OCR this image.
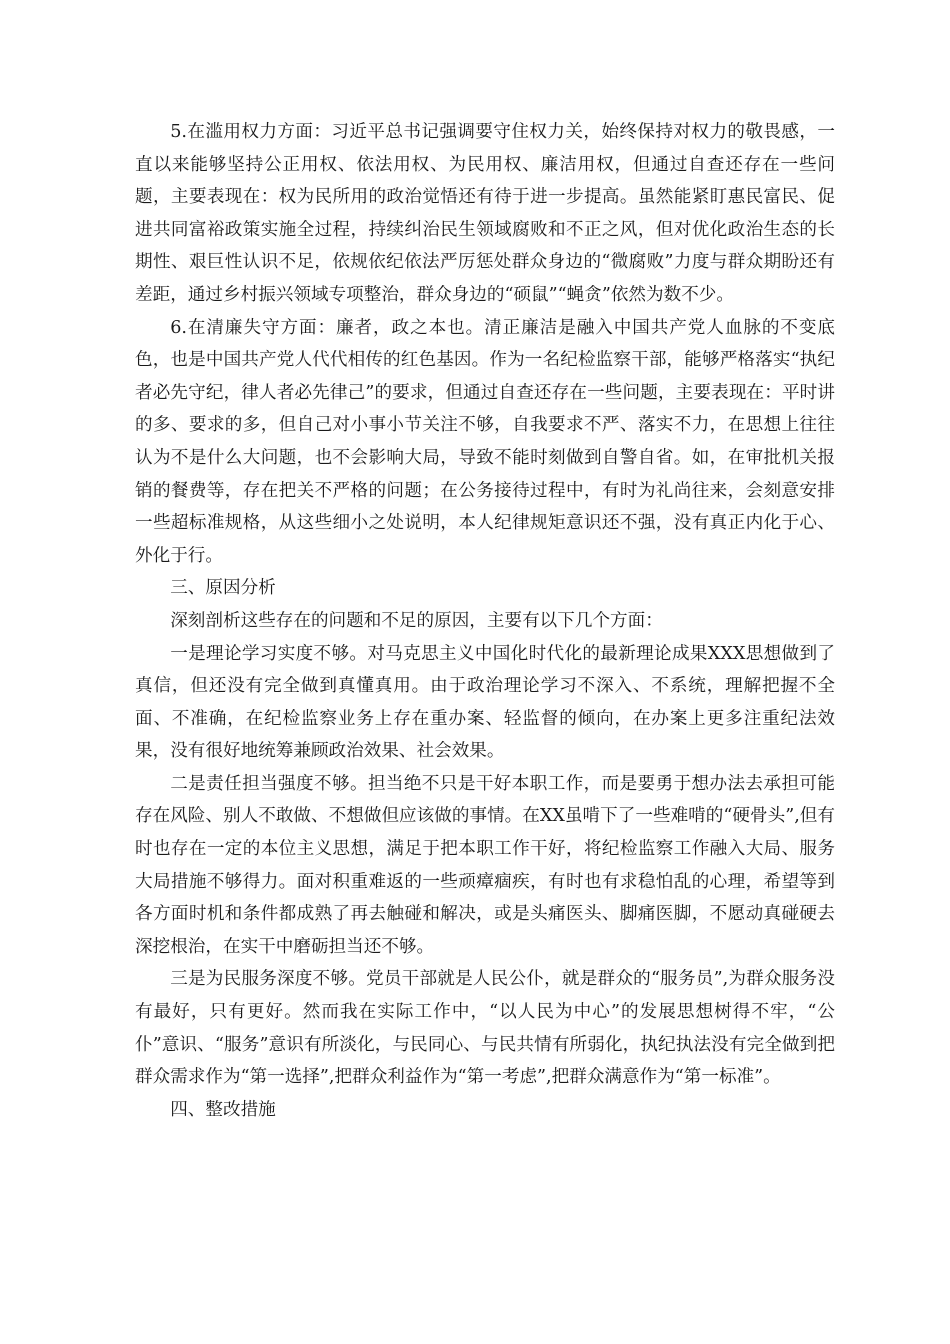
5.在滥用权力方面：习近平总书记强调要守住权力关，始终保持对权力的敬畏感，一直以来能够坚持公正用权、依法用权、为民用权、廉洁用权，但通过自查还存在一些问题，主要表现在：权为民所用的政治觉悟还有待于进一步提高。虽然能紧盯惠民富民、促进共同富裕政策实施全过程，持续纠治民生领域腐败和不正之风，但对优化政治生态的长期性、艰巨性认识不足，依规依纪依法严厉惩处群众身边的“微腐败”力度与群众期盼还有差距，通过乡村振兴领域专项整治，群众身边的“硕鼠”“蝇贪”依然为数不少。

6.在清廉失守方面：廉者，政之本也。清正廉洁是融入中国共产党人血脉的不变底色，也是中国共产党人代代相传的红色基因。作为一名纪检监察干部，能够严格落实“执纪者必先守纪，律人者必先律己”的要求，但通过自查还存在一些问题，主要表现在：平时讲的多、要求的多，但自己对小事小节关注不够，自我要求不严、落实不力，在思想上往往认为不是什么大问题，也不会影响大局，导致不能时刻做到自警自省。如，在审批机关报销的餐费等，存在把关不严格的问题；在公务接待过程中，有时为礼尚往来，会刻意安排一些超标准规格，从这些细小之处说明，本人纪律规矩意识还不强，没有真正内化于心、外化于行。

三、原因分析

深刻剖析这些存在的问题和不足的原因，主要有以下几个方面：

一是理论学习实度不够。对马克思主义中国化时代化的最新理论成果XXX思想做到了真信，但还没有完全做到真懂真用。由于政治理论学习不深入、不系统，理解把握不全面、不准确，在纪检监察业务上存在重办案、轻监督的倾向，在办案上更多注重纪法效果，没有很好地统筹兼顾政治效果、社会效果。

二是责任担当强度不够。担当绝不只是干好本职工作，而是要勇于想办法去承担可能存在风险、别人不敢做、不想做但应该做的事情。在XX虽啃下了一些难啃的“硬骨头”,但有时也存在一定的本位主义思想，满足于把本职工作干好，将纪检监察工作融入大局、服务大局措施不够得力。面对积重难返的一些顽瘴痼疾，有时也有求稳怕乱的心理，希望等到各方面时机和条件都成熟了再去触碰和解决，或是头痛医头、脚痛医脚，不愿动真碰硬去深挖根治，在实干中磨砺担当还不够。

三是为民服务深度不够。党员干部就是人民公仆，就是群众的“服务员”,为群众服务没有最好，只有更好。然而我在实际工作中，“以人民为中心”的发展思想树得不牢，“公仆”意识、“服务”意识有所淡化，与民同心、与民共情有所弱化，执纪执法没有完全做到把群众需求作为“第一选择”,把群众利益作为“第一考虑”,把群众满意作为“第一标准”。

四、整改措施
